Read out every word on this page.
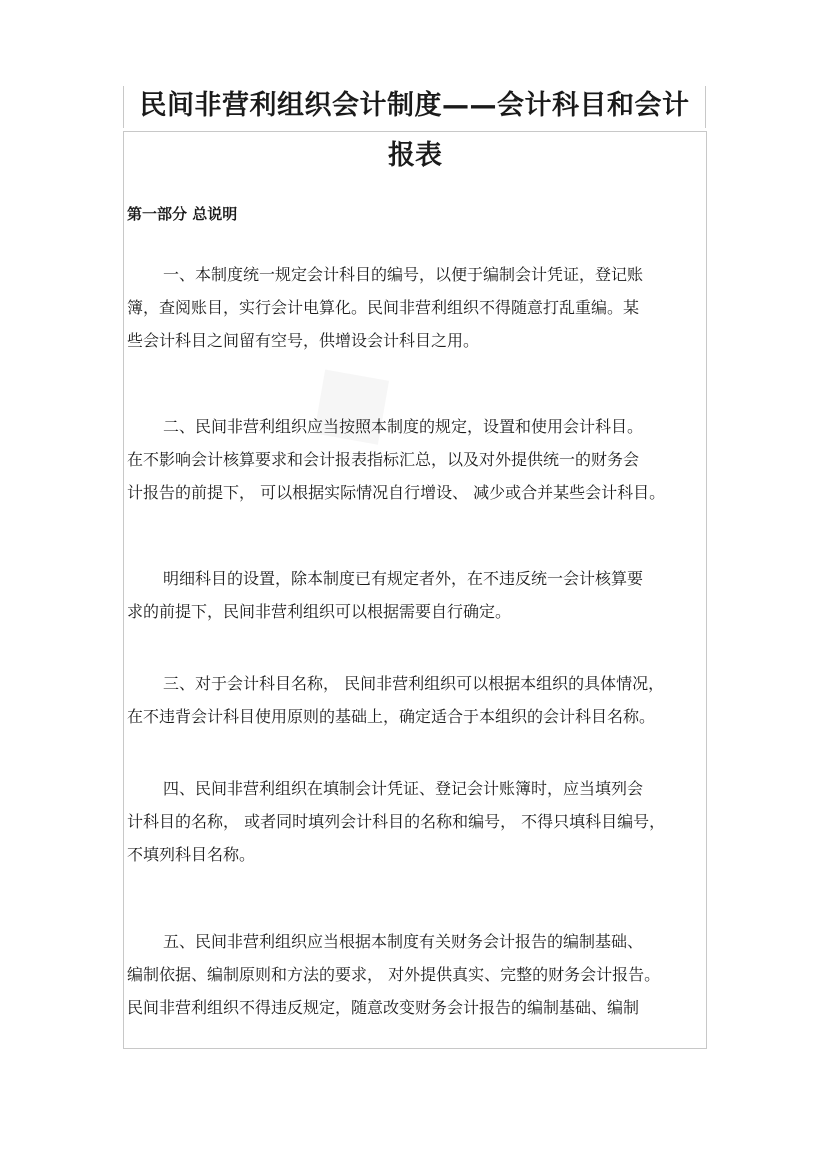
民间非营利组织会计制度——会计科目和会计
报表
第一部分 总说明
一、本制度统一规定会计科目的编号，以便于编制会计凭证，登记账
簿，查阅账目，实行会计电算化。民间非营利组织不得随意打乱重编。某
些会计科目之间留有空号，供增设会计科目之用。
二、民间非营利组织应当按照本制度的规定，设置和使用会计科目。
在不影响会计核算要求和会计报表指标汇总，以及对外提供统一的财务会
计报告的前提下， 可以根据实际情况自行增设、 减少或合并某些会计科目。
明细科目的设置，除本制度已有规定者外，在不违反统一会计核算要
求的前提下，民间非营利组织可以根据需要自行确定。
三、对于会计科目名称， 民间非营利组织可以根据本组织的具体情况，
在不违背会计科目使用原则的基础上，确定适合于本组织的会计科目名称。
四、民间非营利组织在填制会计凭证、登记会计账簿时，应当填列会
计科目的名称， 或者同时填列会计科目的名称和编号， 不得只填科目编号，
不填列科目名称。
五、民间非营利组织应当根据本制度有关财务会计报告的编制基础、
编制依据、编制原则和方法的要求， 对外提供真实、完整的财务会计报告。
民间非营利组织不得违反规定，随意改变财务会计报告的编制基础、编制
